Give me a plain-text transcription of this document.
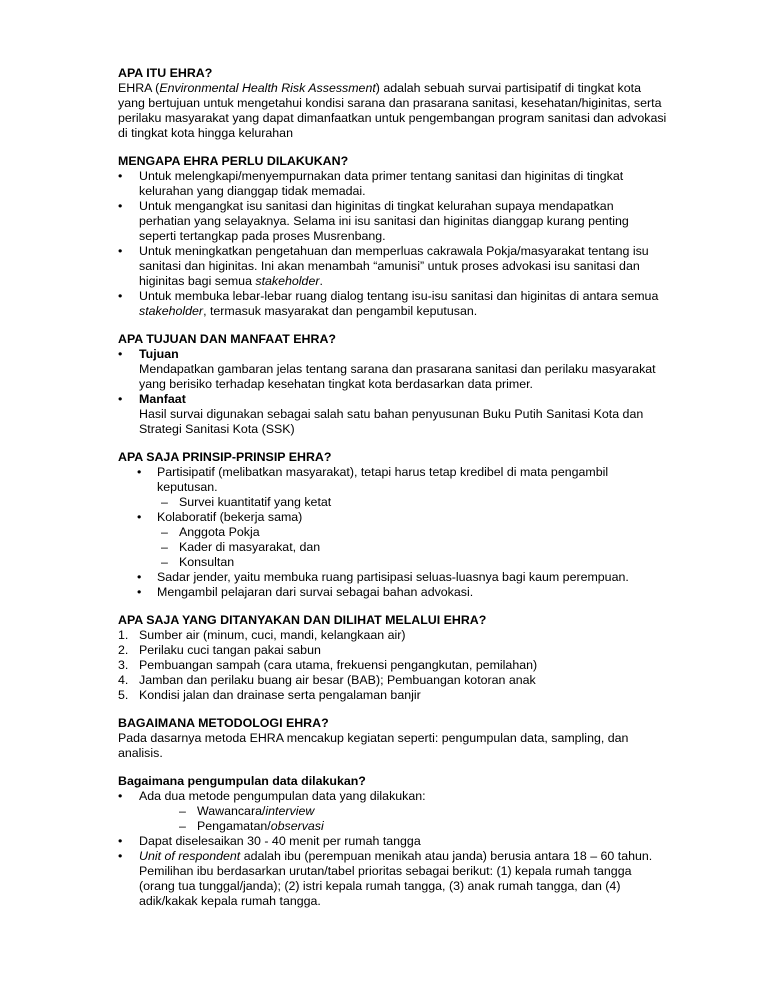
APA ITU EHRA?

EHRA (Environmental Health Risk Assessment) adalah sebuah survai partisipatif di tingkat kota yang bertujuan untuk mengetahui kondisi sarana dan prasarana sanitasi, kesehatan/higinitas, serta perilaku masyarakat yang dapat dimanfaatkan untuk pengembangan program sanitasi dan advokasi di tingkat kota hingga kelurahan

MENGAPA EHRA PERLU DILAKUKAN?
• Untuk melengkapi/menyempurnakan data primer tentang sanitasi dan higinitas di tingkat kelurahan yang dianggap tidak memadai.
• Untuk mengangkat isu sanitasi dan higinitas di tingkat kelurahan supaya mendapatkan perhatian yang selayaknya. Selama ini isu sanitasi dan higinitas dianggap kurang penting seperti tertangkap pada proses Musrenbang.
• Untuk meningkatkan pengetahuan dan memperluas cakrawala Pokja/masyarakat tentang isu sanitasi dan higinitas. Ini akan menambah “amunisi” untuk proses advokasi isu sanitasi dan higinitas bagi semua stakeholder.
• Untuk membuka lebar-lebar ruang dialog tentang isu-isu sanitasi dan higinitas di antara semua stakeholder, termasuk masyarakat dan pengambil keputusan.
APA TUJUAN DAN MANFAAT EHRA?
• Tujuan
Mendapatkan gambaran jelas tentang sarana dan prasarana sanitasi dan perilaku masyarakat yang berisiko terhadap kesehatan tingkat kota berdasarkan data primer.
• Manfaat
Hasil survai digunakan sebagai salah satu bahan penyusunan Buku Putih Sanitasi Kota dan Strategi Sanitasi Kota (SSK)
APA SAJA PRINSIP-PRINSIP EHRA?
• Partisipatif (melibatkan masyarakat), tetapi harus tetap kredibel di mata pengambil keputusan.
– Survei kuantitatif yang ketat
• Kolaboratif (bekerja sama)
– Anggota Pokja
– Kader di masyarakat, dan
– Konsultan
• Sadar jender, yaitu membuka ruang partisipasi seluas-luasnya bagi kaum perempuan.
• Mengambil pelajaran dari survai sebagai bahan advokasi.
APA SAJA YANG DITANYAKAN DAN DILIHAT MELALUI EHRA?
1. Sumber air (minum, cuci, mandi, kelangkaan air)
2. Perilaku cuci tangan pakai sabun
3. Pembuangan sampah (cara utama, frekuensi pengangkutan, pemilahan)
4. Jamban dan perilaku buang air besar (BAB); Pembuangan kotoran anak
5. Kondisi jalan dan drainase serta pengalaman banjir
BAGAIMANA METODOLOGI EHRA?

Pada dasarnya metoda EHRA mencakup kegiatan seperti: pengumpulan data, sampling, dan analisis.

Bagaimana pengumpulan data dilakukan?
• Ada dua metode pengumpulan data yang dilakukan:
– Wawancara/interview
– Pengamatan/observasi
• Dapat diselesaikan 30 - 40 menit per rumah tangga
• Unit of respondent adalah ibu (perempuan menikah atau janda) berusia antara 18 – 60 tahun. Pemilihan ibu berdasarkan urutan/tabel prioritas sebagai berikut: (1) kepala rumah tangga (orang tua tunggal/janda); (2) istri kepala rumah tangga, (3) anak rumah tangga, dan (4) adik/kakak kepala rumah tangga.
